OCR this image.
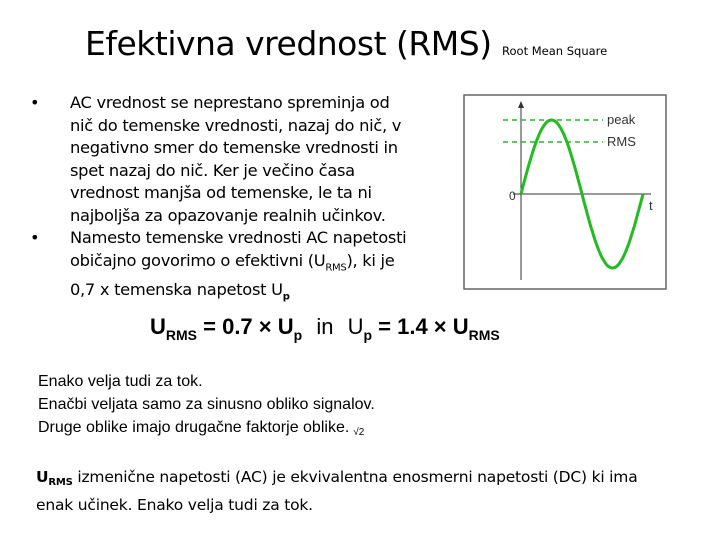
Efektivna vrednost (RMS) Root Mean Square
• AC vrednost se neprestano spreminja od
nič do temenske vrednosti, nazaj do nič, v
negativno smer do temenske vrednosti in
spet nazaj do nič. Ker je večino časa
vrednost manjša od temenske, le ta ni
najboljša za opazovanje realnih učinkov.
• Namesto temenske vrednosti AC napetosti
običajno govorimo o efektivni $(U_{RMS})$, ki je
0,7 x temenska napetost $U_p$
peak
RMS
0
t
$U_{RMS} = 0.7 \times U_p$ in $U_p = 1.4 \times U_{RMS}$
Enako velja tudi za tok.
Enačbi veljata samo za sinusno obliko signalov.
Druge oblike imajo drugačne faktorje oblike. √2
$U_{RMS}$ izmenične napetosti (AC) je ekvivalentna enosmerni napetosti (DC) ki ima
enak učinek. Enako velja tudi za tok.
